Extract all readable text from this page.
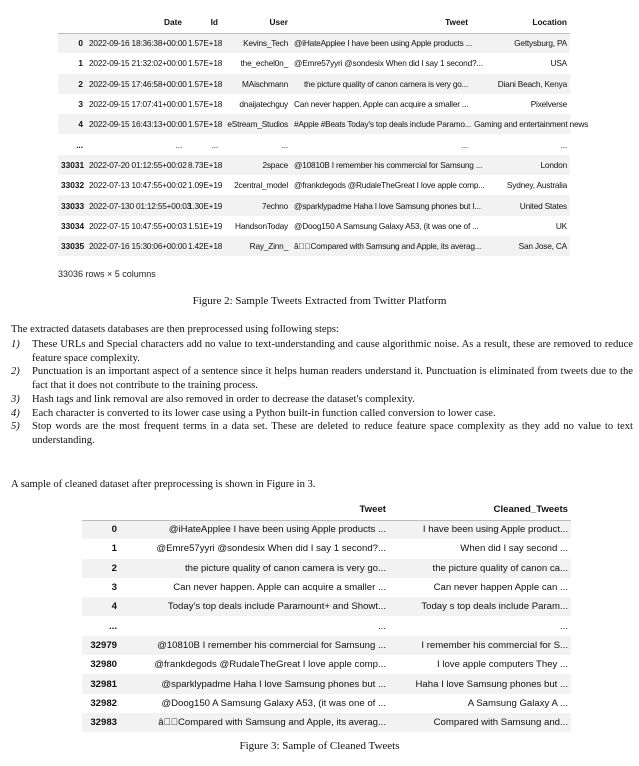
	Date	Id	User	Tweet	Location
0	2022-09-16 18:36:38+00:00	1.57E+18	Kevins_Tech	@iHateApplee I have been using Apple products ...	Gettysburg, PA
1	2022-09-15 21:32:02+00:00	1.57E+18	the_echel0n_	@Emre57yyri @sondesix When did I say 1 second?...	USA
2	2022-09-15 17:46:58+00:00	1.57E+18	MAischmann	the picture quality of canon camera is very go...	Diani Beach, Kenya
3	2022-09-15 17:07:41+00:00	1.57E+18	dnaijatechguy	Can never happen. Apple can acquire a smaller ...	Pixelverse
4	2022-09-15 16:43:13+00:00	1.57E+18	eStream_Studios	#Apple #Beats Today's top deals include Paramo...	Gaming and entertainment news
...	...	...	...	...	...
33031	2022-07-20 01:12:55+00:02	8.73E+18	2space	@10810B I remember his commercial for Samsung ...	London
33032	2022-07-13 10:47:55+00:02	1.09E+19	2central_model	@frankdegods @RudaleTheGreat I love apple comp...	Sydney, Australia
33033	2022-07-130 01:12:55+00:03	1.30E+19	7echno	@sparklypadme Haha I love Samsung phones but I...	United States
33034	2022-07-15 10:47:55+00:03	1.51E+19	HandsonToday	@Doog150 A Samsung Galaxy A53, (it was one of ...	UK
33035	2022-07-16 15:30:06+00:00	1.42E+18	Ray_Zinn_	â  Compared with Samsung and Apple, its averag...	San Jose, CA
33036 rows × 5 columns
Figure 2: Sample Tweets Extracted from Twitter Platform
The extracted datasets databases are then preprocessed using following steps:
1)	These URLs and Special characters add no value to text-understanding and cause algorithmic noise. As a result, these are removed to reduce feature space complexity.
2)	Punctuation is an important aspect of a sentence since it helps human readers understand it. Punctuation is eliminated from tweets due to the fact that it does not contribute to the training process.
3)	Hash tags and link removal are also removed in order to decrease the dataset's complexity.
4)	Each character is converted to its lower case using a Python built-in function called conversion to lower case.
5)	Stop words are the most frequent terms in a data set. These are deleted to reduce feature space complexity as they add no value to text understanding.
A sample of cleaned dataset after preprocessing is shown in Figure in 3.
	Tweet	Cleaned_Tweets
0	@iHateApplee I have been using Apple products ...	I have been using Apple product...
1	@Emre57yyri @sondesix When did I say 1 second?...	When did I say second ...
2	the picture quality of canon camera is very go...	the picture quality of canon ca...
3	Can never happen. Apple can acquire a smaller ...	Can never happen Apple can ...
4	Today's top deals include Paramount+ and Showt...	Today s top deals include Param...
...	...	...
32979	@10810B I remember his commercial for Samsung ...	I remember his commercial for S...
32980	@frankdegods @RudaleTheGreat I love apple comp...	I love apple computers They ...
32981	@sparklypadme Haha I love Samsung phones but ...	Haha I love Samsung phones but ...
32982	@Doog150 A Samsung Galaxy A53, (it was one of ...	A Samsung Galaxy A ...
32983	â  Compared with Samsung and Apple, its averag...	Compared with Samsung and...
Figure 3: Sample of Cleaned Tweets
